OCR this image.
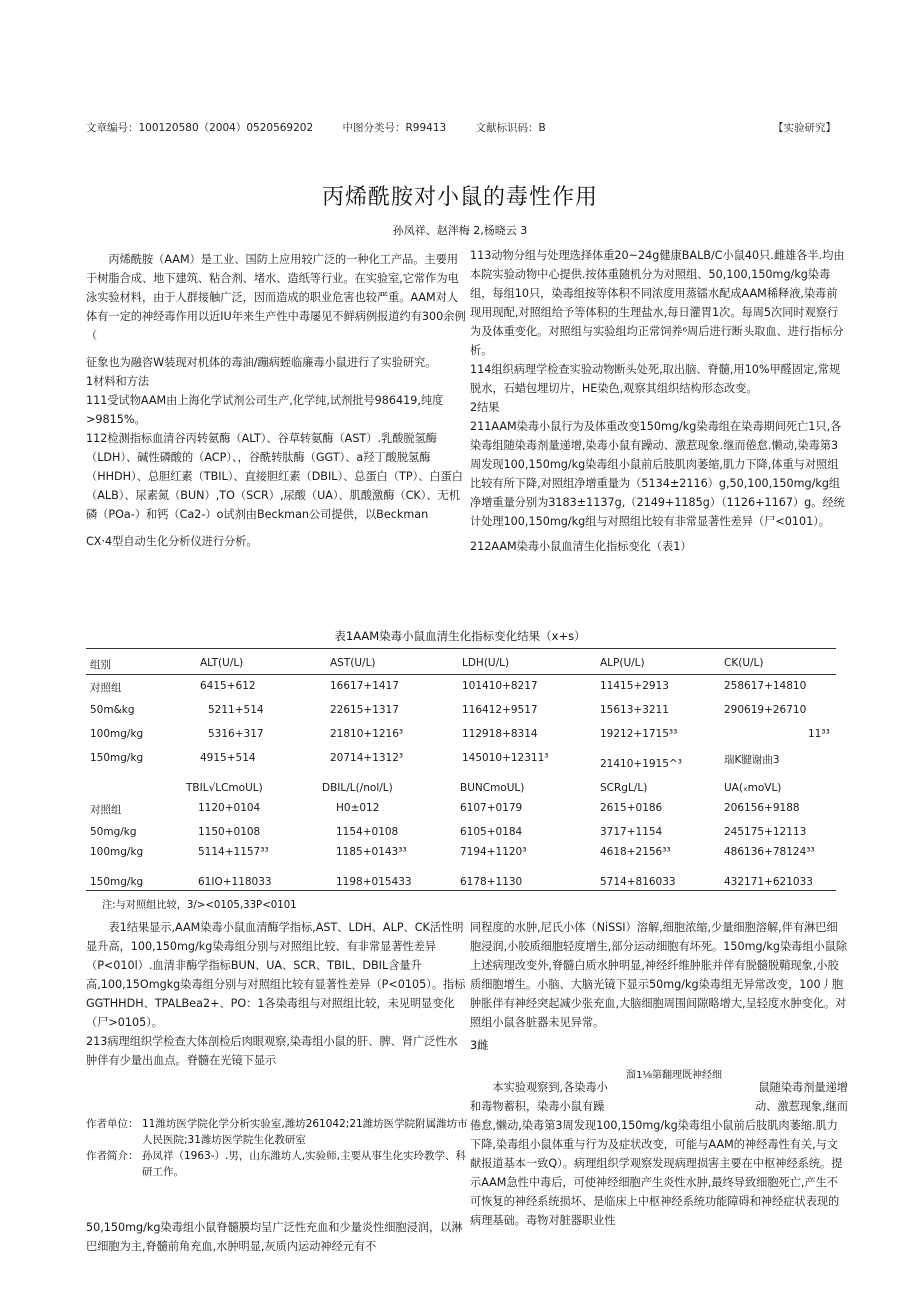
文章编号：100120580（2004）0520569202	中图分类号：R99413	文献标识码：B	【实验研究】
丙烯酰胺对小鼠的毒性作用
孙凤祥、赵泮梅 2,杨晓云 3

丙烯酰胺（AAM）是工业、国防上应用较广泛的一种化工产品。主要用于树脂合成、地下建筑、粘合剂、堵水、造纸等行业。在实验室,它常作为电泳实验材料，由于人群接触广泛，因而造成的职业危害也较严重。AAM对人体有一定的神经毒作用以近IU年来生产性中毒屡见不鲜病例报道约有300余例（

征象也为融咨W装现对机体的毒油/蹦病蛭临廉毒小鼠进行了实验研究。

1材料和方法

111受试物AAM由上海化学试剂公司生产,化学纯,试剂批号986419,纯度>9815%。

112检测指标血清谷丙转氨酶（ALT）、谷草转氨酶（AST）.乳酸脱氢酶（LDH）、碱性磷酸的（ACP）、，谷酰转肽酶（GGT）、a羟丁酸脱氢酶（HHDH）、总胆红素（TBIL）、直接胆红素（DBIL）、总蛋白（TP）、白蛋白（ALB）、尿素氮（BUN）,TO（SCR）,尿酸（UA）、肌酸激酶（CK）、无机磷（POa-）和钙（Ca2-）o试剂由Beckman公司提供，以Beckman

CX·4型自动生化分析仪进行分析。

113动物分组与处理选择体重20~24g健康BALB/C小鼠40只.雌雄各半.均由本院实验动物中心提供.按体重随机分为对照组、50,100,150mg/kg染毒组，每组10只，染毒组按等体积不同浓度用蒸镭水配成AAM稀释液,染毒前现用现配,对照组给予等体积的生理盐水,每日灌胃1次。每周5次同时观察行为及体重变化。对照组与实验组均正常饲养⁶周后进行断头取血、进行指标分析。

114组织病理学检查实验动物断头处死,取出脑、脊髓,用10%甲醛固定,常规脱水，石蜡包埋切片，HE染色,观察其组织结构形态改变。

2结果

211AAM染毒小鼠行为及体重改变150mg/kg染毒组在染毒期间死亡1只,各染毒组随染毒剂量递增,染毒小鼠有躁动、激惹现象.继而倦怠.懒动,染毒第3周发现100,150mg/kg染毒组小鼠前后肢肌肉萎缩,肌力下降,体重与对照组比较有所下降,对照组净增重量为（5134±2116）g,50,100,150mg/kg组净增重量分别为3183±1137g,（2149+1185g）（1126+1167）g。经统计处理100,150mg/kg组与对照组比较有非常显著性差异（尸<0101）。

212AAM染毒小鼠血清生化指标变化（表1）

表1AAM染毒小鼠血清生化指标变化结果（x+s）
组别	ALT(U/L)	AST(U/L)	LDH(U/L)	ALP(U/L)	CK(U/L)
对照组	6415+612	16617+1417	101410+8217	11415+2913	258617+14810
50m&kg	5211+514	22615+1317	116412+9517	15613+3211	290619+26710
100mg/kg	5316+317	21810+1216³	112918+8314	19212+1715³³	11³³
150mg/kg	4915+514	20714+1312³	145010+12311³	21410+1915^³	瑞K腱谢曲3
TBIL√LCmoUL)	DBIL/L(/nol/L)	BUNCmoUL)	SCRgL/L)	UA(ₓmoVL)
对照组	1120+0104	H0±012	6107+0179	2615+0186	206156+9188
50mg/kg	1150+0108	1154+0108	6105+0184	3717+1154	245175+12113
100mg/kg	5114+1157³³	1185+0143³³	7194+1120³	4618+2156³³	486136+78124³³
150mg/kg	61IO+118033	1198+015433	6178+1130	5714+816033	432171+621033
注:与对照组比较，3/><0105,33P<0101

表1结果显示,AAM染毒小鼠血清酶学指标,AST、LDH、ALP、CK活性明显升高，100,150mg/kg染毒组分别与对照组比较、有非常显著性差异（P<010l）.血清非酶学指标BUN、UA、SCR、TBIL、DBIL含量升高,100,15Omgkg染毒组分别与对照组比较有显著性差异（P<0105）。指标GGTHHDH、TPALBea2+、PO：1各染毒组与对照组比较，未见明显变化（尸>0105）。

213病理组织学检查大体剖检后肉眼观察,染毒组小鼠的肝、脾、肾广泛性水肿伴有少量出血点。脊髓在光镜下显示

同程度的水肿,尼氏小体（NiSSI）溶解,细胞浓缩,少量细胞溶解,伴有淋巴细胞浸润,小胶质细胞轻度增生,部分运动细胞有坏死。150mg/kg染毒组小鼠除上述病理改变外,脊髓白质水肿明显,神经纤维肿胀并伴有脱髓脱鞘现象,小胶质细胞增生。小脑、大脑光镜下显示50mg/kg染毒组无异常改变，100丿胞肿胀伴有神经突起减少张充血,大脑细胞周围间隙略增大,呈轻度水肿变化。对照组小鼠各脏器未见异常。

3雌

溜1⅛第翻理既神经细
本实验观察到,各染毒小	鼠随染毒剂量递增
和毒物蓄积，染毒小鼠有躁	动、激惹现象,继而

倦怠,懒动,染毒第3周发现100,150mg/kg染毒组小鼠前后肢肌肉萎缩.肌力下降,染毒组小鼠体重与行为及症状改变，可能与AAM的神经毒性有关,与文献报道基本一致Q）。病理组织学观察发现病理损害主要在中枢神经系统。提示AAM急性中毒后，可使神经细胞产生炎性水肿,最终导致细胞死亡,产生不可恢复的神经系统损坏、是临床上中枢神经系统功能障碍和神经症状表现的病理基础。毒物对脏器职业性

作者单位： 11潍坊医学院化学分析实验室,潍坊261042;21潍坊医学院附属潍坊市人民医院;31潍坊医学院生化教研室
作者简介： 孙凤祥（1963-）.男，山东潍坊人,实验师,主要从事生化实玲教学、科研工作。
50,150mg/kg染毒组小鼠脊髓膜均呈广泛性充血和少量炎性细胞浸润，以淋巴细胞为主,脊髓前角充血,水肿明显,灰质内运动神经元有不
